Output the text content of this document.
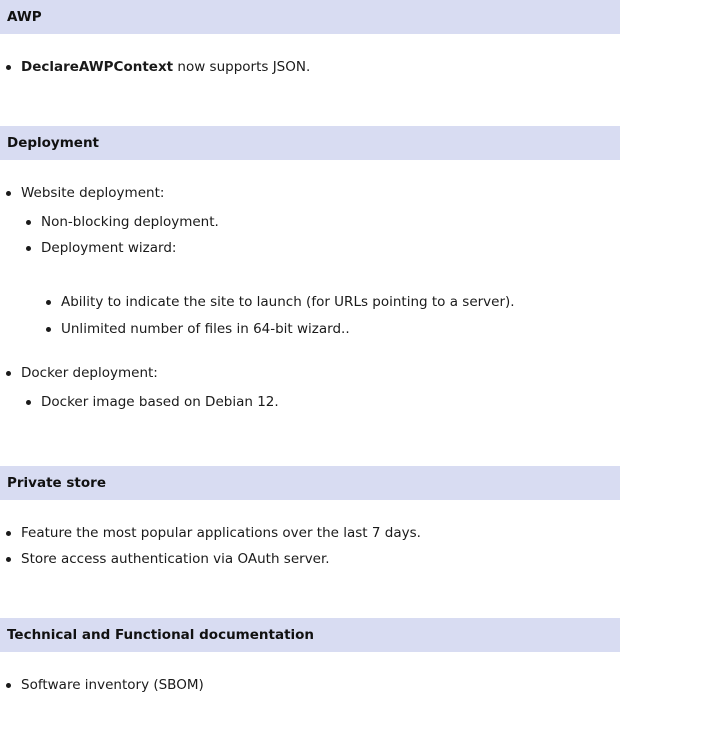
AWP
DeclareAWPContext now supports JSON.
Deployment
Website deployment:
Non-blocking deployment.
Deployment wizard:
Ability to indicate the site to launch (for URLs pointing to a server).
Unlimited number of files in 64-bit wizard..
Docker deployment:
Docker image based on Debian 12.
Private store
Feature the most popular applications over the last 7 days.
Store access authentication via OAuth server.
Technical and Functional documentation
Software inventory (SBOM)
